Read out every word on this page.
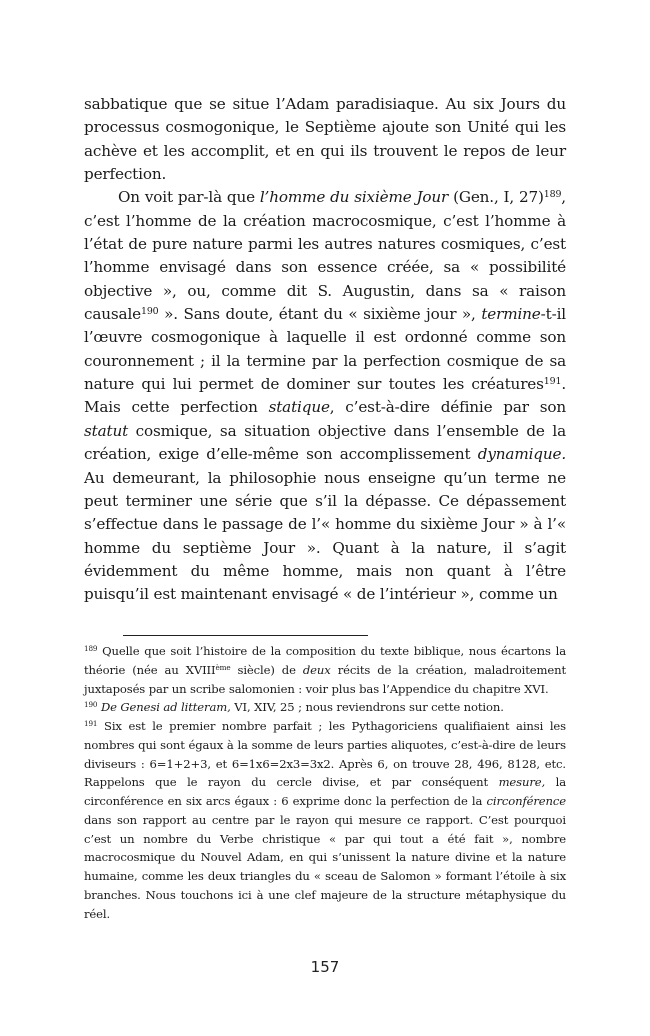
sabbatique que se situe l’Adam paradisiaque. Au six Jours du processus cosmogonique, le Septième ajoute son Unité qui les achève et les accomplit, et en qui ils trouvent le repos de leur perfection.

On voit par-là que l’homme du sixième Jour (Gen., I, 27)$^{189}$, c’est l’homme de la création macrocosmique, c’est l’homme à l’état de pure nature parmi les autres natures cosmiques, c’est l’homme envisagé dans son essence créée, sa « possibilité objective », ou, comme dit S. Augustin, dans sa « raison causale$^{190}$ ». Sans doute, étant du « sixième jour », termine-t-il l’œuvre cosmogonique à laquelle il est ordonné comme son couronnement ; il la termine par la perfection cosmique de sa nature qui lui permet de dominer sur toutes les créatures$^{191}$. Mais cette perfection statique, c’est-à-dire définie par son statut cosmique, sa situation objective dans l’ensemble de la création, exige d’elle-même son accomplissement dynamique. Au demeurant, la philosophie nous enseigne qu’un terme ne peut terminer une série que s’il la dépasse. Ce dépassement s’effectue dans le passage de l’« homme du sixième Jour » à l’« homme du septième Jour ». Quant à la nature, il s’agit évidemment du même homme, mais non quant à l’être puisqu’il est maintenant envisagé « de l’intérieur », comme un

$^{189}$ Quelle que soit l’histoire de la composition du texte biblique, nous écartons la théorie (née au XVIIIème siècle) de deux récits de la création, maladroitement juxtaposés par un scribe salomonien : voir plus bas l’Appendice du chapitre XVI.

$^{190}$ De Genesi ad litteram, VI, XIV, 25 ; nous reviendrons sur cette notion.

$^{191}$ Six est le premier nombre parfait ; les Pythagoriciens qualifiaient ainsi les nombres qui sont égaux à la somme de leurs parties aliquotes, c’est-à-dire de leurs diviseurs : 6=1+2+3, et 6=1x6=2x3=3x2. Après 6, on trouve 28, 496, 8128, etc. Rappelons que le rayon du cercle divise, et par conséquent mesure, la circonférence en six arcs égaux : 6 exprime donc la perfection de la circonférence dans son rapport au centre par le rayon qui mesure ce rapport. C’est pourquoi c’est un nombre du Verbe christique « par qui tout a été fait », nombre macrocosmique du Nouvel Adam, en qui s’unissent la nature divine et la nature humaine, comme les deux triangles du « sceau de Salomon » formant l’étoile à six branches. Nous touchons ici à une clef majeure de la structure métaphysique du réel.

157
